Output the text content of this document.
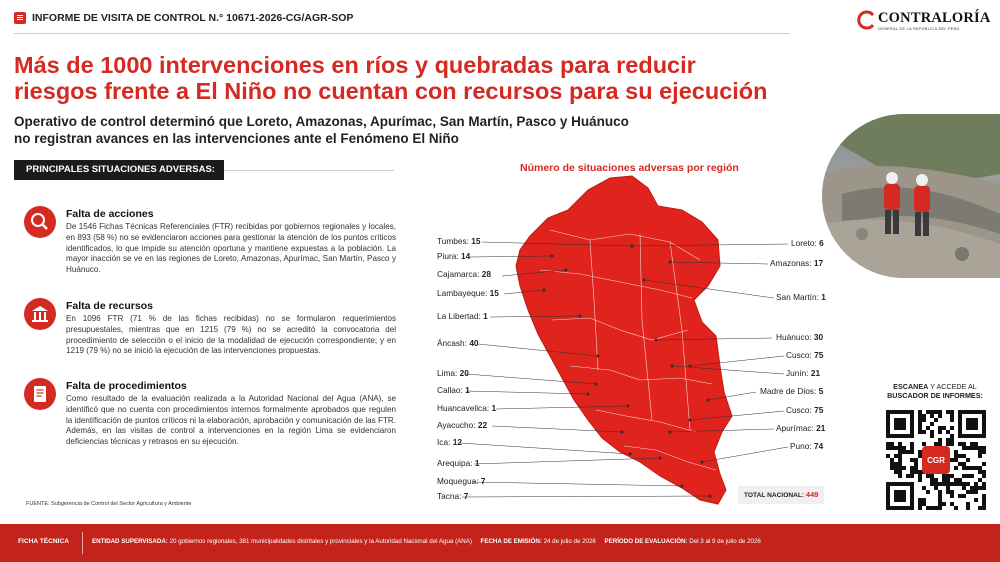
INFORME DE VISITA DE CONTROL N.° 10671-2026-CG/AGR-SOP	CONTRALORÍA
GENERAL DE LA REPÚBLICA DEL PERÚ
Más de 1000 intervenciones en ríos y quebradas para reducir
riesgos frente a El Niño no cuentan con recursos para su ejecución
Operativo de control determinó que Loreto, Amazonas, Apurímac, San Martín, Pasco y Huánuco
no registran avances en las intervenciones ante el Fenómeno El Niño
PRINCIPALES SITUACIONES ADVERSAS:
Falta de acciones
De 1546 Fichas Técnicas Referenciales (FTR) recibidas por gobiernos regionales y locales, en 893 (58 %) no se evidenciaron acciones para gestionar la atención de los puntos críticos identificados, lo que impide su atención oportuna y mantiene expuestas a la población. La mayor inacción se ve en las regiones de Loreto, Amazonas, Apurímac, San Martín, Pasco y Huánuco.
Falta de recursos
En 1096 FTR (71 % de las fichas recibidas) no se formularon requerimientos presupuestales, mientras que en 1215 (79 %) no se acreditó la convocatoria del procedimiento de selección o el inicio de la modalidad de ejecución correspondiente; y en 1219 (79 %) no se inició la ejecución de las intervenciones propuestas.
Falta de procedimientos
Como resultado de la evaluación realizada a la Autoridad Nacional del Agua (ANA), se identificó que no cuenta con procedimientos internos formalmente aprobados que regulen la identificación de puntos críticos ni la elaboración, aprobación y comunicación de las FTR. Además, en las visitas de control a intervenciones en la región Lima se evidenciaron deficiencias técnicas y retrasos en su ejecución.
FUENTE: Subgerencia de Control del Sector Agricultura y Ambiente
Número de situaciones adversas por región
Tumbes: 15
Piura: 14
Cajamarca: 28
Lambayeque: 15
La Libertad: 1
Áncash: 40
Lima: 20
Callao: 1
Huancavelica: 1
Ayacucho: 22
Ica: 12
Arequipa: 1
Moquegua: 7
Tacna: 7
Loreto: 6
Amazonas: 17
San Martín: 1
Huánuco: 30
Cusco: 75
Junín: 21
Madre de Dios: 5
Cusco: 75
Apurímac: 21
Puno: 74
TOTAL NACIONAL: 449
ESCANEA Y ACCEDE AL
BUSCADOR DE INFORMES:
CGR
FICHA TÉCNICA	ENTIDAD SUPERVISADA: 20 gobiernos regionales, 381 municipalidades distritales y provinciales y la Autoridad Nacional del Agua (ANA) FECHA DE EMISIÓN: 24 de julio de 2026 PERÍODO DE EVALUACIÓN: Del 3 al 9 de julio de 2026
